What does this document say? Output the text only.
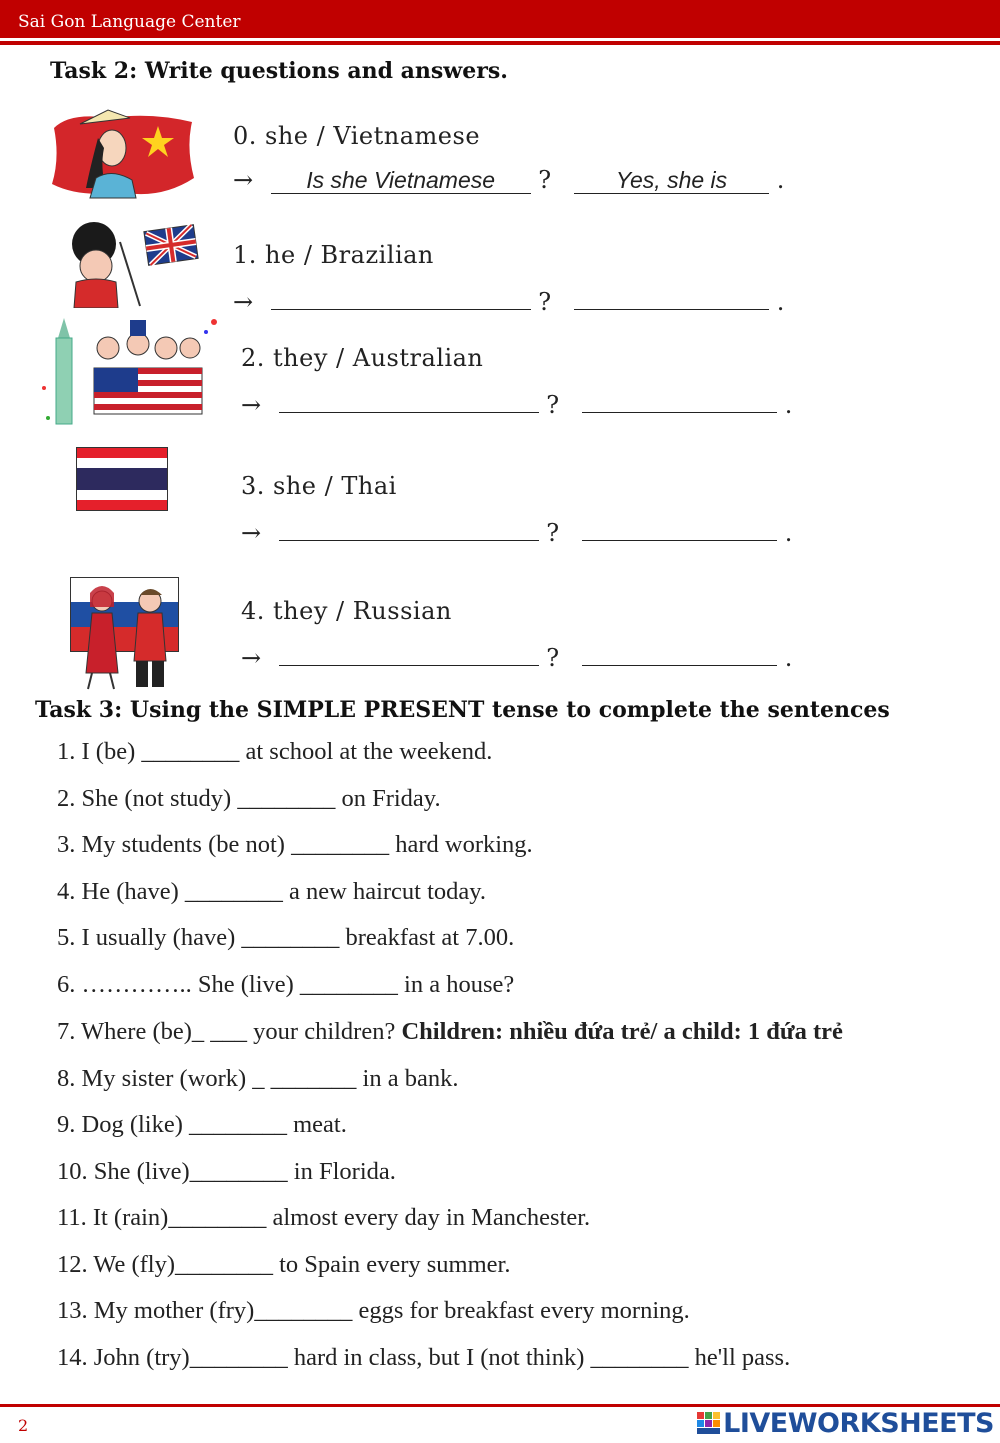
Sai Gon Language Center
Task 2: Write questions and answers.
0. she / Vietnamese
→ Is she Vietnamese ?	Yes, she is .
1. he / Brazilian
→	?	.
2. they / Australian
→	?	.
3. she / Thai
→	?	.
4. they / Russian
→	?	.
Task 3: Using the SIMPLE PRESENT tense to complete the sentences
1. I (be) ________ at school at the weekend.
2. She (not study) ________ on Friday.
3. My students (be not) ________ hard working.
4. He (have) ________ a new haircut today.
5. I usually (have) ________ breakfast at 7.00.
6. ………….. She (live) ________ in a house?
7. Where (be)_ ___ your children? Children: nhiều đứa trẻ/ a child: 1 đứa trẻ
8. My sister (work) _ _______ in a bank.
9. Dog (like) ________ meat.
10. She (live)________ in Florida.
11. It (rain)________ almost every day in Manchester.
12. We (fly)________ to Spain every summer.
13. My mother (fry)________ eggs for breakfast every morning.
14. John (try)________ hard in class, but I (not think) ________ he'll pass.
2	LIVEWORKSHEETS
